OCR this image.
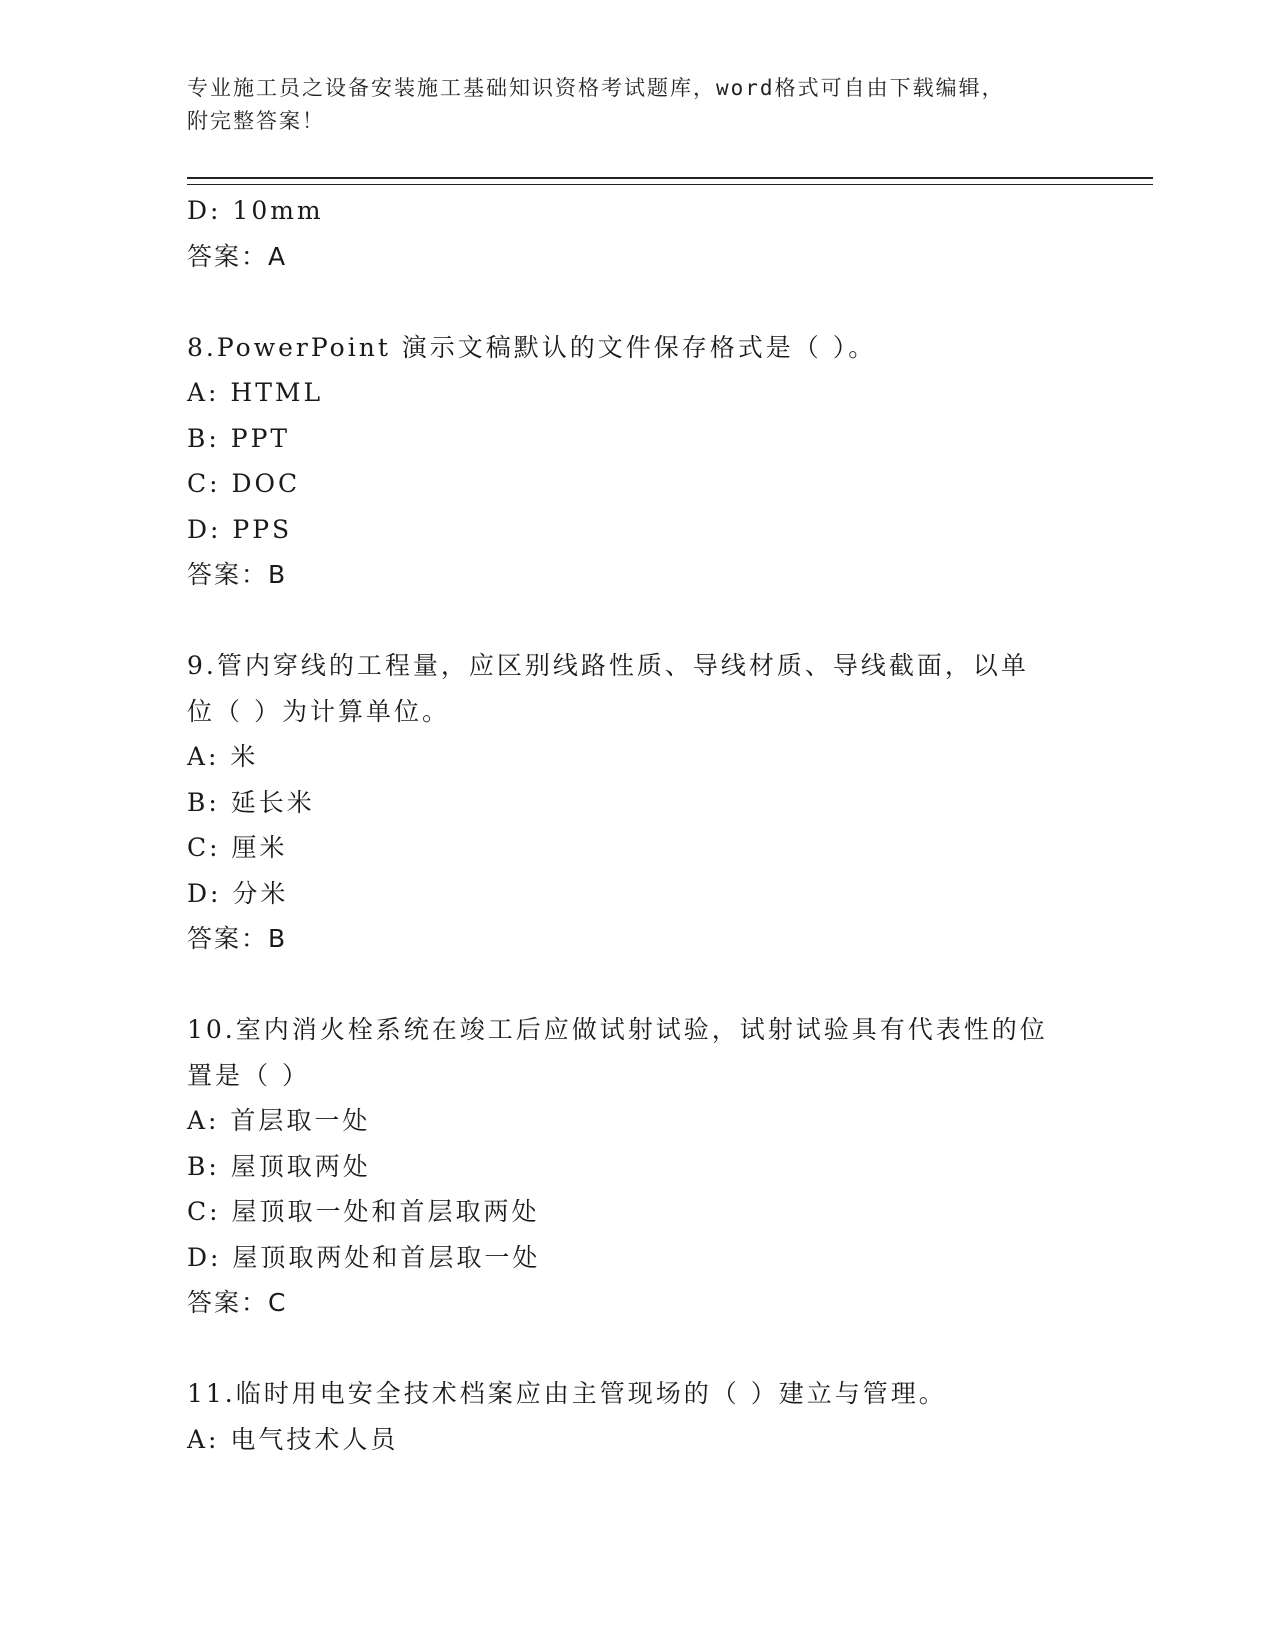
专业施工员之设备安装施工基础知识资格考试题库，word格式可自由下载编辑，
附完整答案！
D: 10mm
答案：A
8.PowerPoint 演示文稿默认的文件保存格式是（ ）。
A: HTML
B: PPT
C: DOC
D: PPS
答案：B
9.管内穿线的工程量，应区别线路性质、导线材质、导线截面，以单
位（ ）为计算单位。
A: 米
B: 延长米
C: 厘米
D: 分米
答案：B
10.室内消火栓系统在竣工后应做试射试验，试射试验具有代表性的位
置是（ ）
A: 首层取一处
B: 屋顶取两处
C: 屋顶取一处和首层取两处
D: 屋顶取两处和首层取一处
答案：C
11.临时用电安全技术档案应由主管现场的（ ）建立与管理。
A: 电气技术人员
